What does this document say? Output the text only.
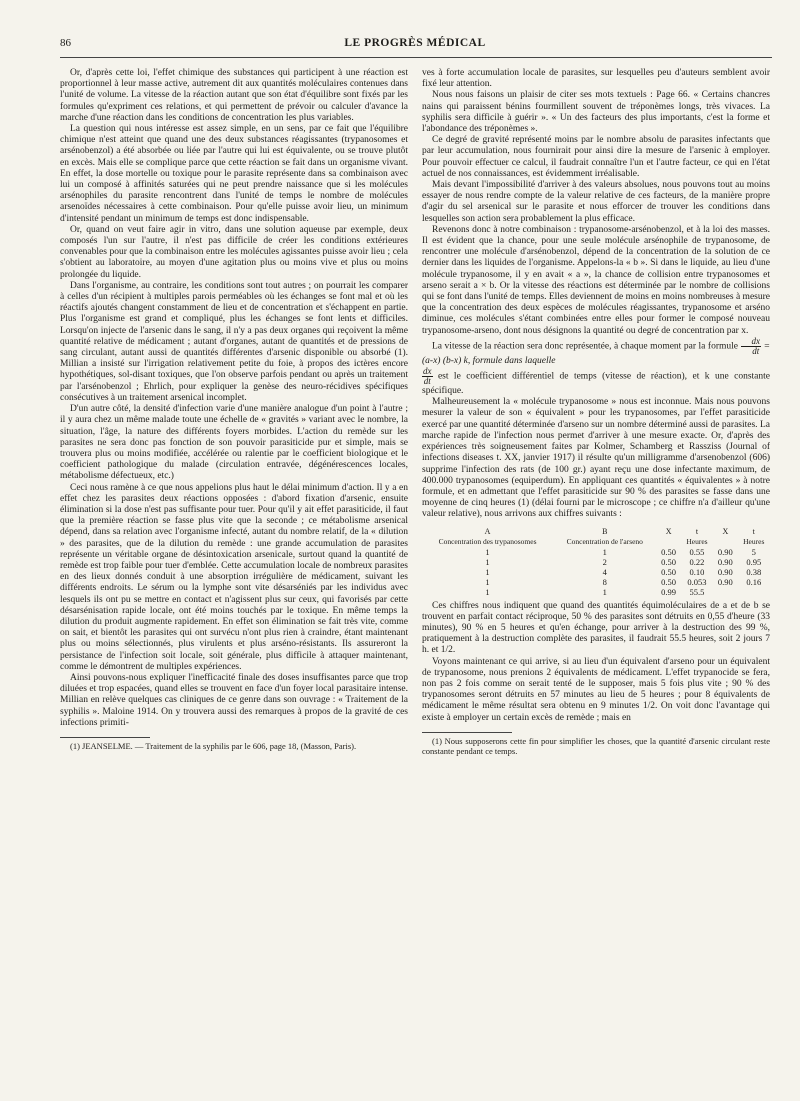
86	LE PROGRÈS MÉDICAL

Or, d'après cette loi, l'effet chimique des substances qui participent à une réaction est proportionnel à leur masse active, autrement dit aux quantités moléculaires contenues dans l'unité de volume. La vitesse de la réaction autant que son état d'équilibre sont fixés par les formules qu'expriment ces relations, et qui permettent de prévoir ou calculer d'avance la marche d'une réaction dans les conditions de concentration les plus variables.

La question qui nous intéresse est assez simple, en un sens, par ce fait que l'équilibre chimique n'est atteint que quand une des deux substances réagissantes (trypanosomes et arsénobenzol) a été absorbée ou liée par l'autre qui lui est équivalente, ou se trouve plutôt en excès. Mais elle se complique parce que cette réaction se fait dans un organisme vivant. En effet, la dose mortelle ou toxique pour le parasite représente dans sa combinaison avec lui un composé à affinités saturées qui ne peut prendre naissance que si les molécules arsénophiles du parasite rencontrent dans l'unité de temps le nombre de molécules arsenoïdes nécessaires à cette combinaison. Pour qu'elle puisse avoir lieu, un minimum d'intensité pendant un minimum de temps est donc indispensable.

Or, quand on veut faire agir in vitro, dans une solution aqueuse par exemple, deux composés l'un sur l'autre, il n'est pas difficile de créer les conditions extérieures convenables pour que la combinaison entre les molécules agissantes puisse avoir lieu ; cela s'obtient au laboratoire, au moyen d'une agitation plus ou moins vive et plus ou moins prolongée du liquide.

Dans l'organisme, au contraire, les conditions sont tout autres ; on pourrait les comparer à celles d'un récipient à multiples parois perméables où les échanges se font mal et où les réactifs ajoutés changent constamment de lieu et de concentration et s'échappent en partie. Plus l'organisme est grand et compliqué, plus les échanges se font lents et difficiles. Lorsqu'on injecte de l'arsenic dans le sang, il n'y a pas deux organes qui reçoivent la même quantité relative de médicament ; autant d'organes, autant de quantités et de pressions de sang circulant, autant aussi de quantités différentes d'arsenic disponible ou absorbé (1). Millian a insisté sur l'irrigation relativement petite du foie, à propos des ictères encore hypothétiques, sol-disant toxiques, que l'on observe parfois pendant ou après un traitement par l'arsénobenzol ; Ehrlich, pour expliquer la genèse des neuro-récidives spécifiques consécutives à un traitement arsenical incomplet.

D'un autre côté, la densité d'infection varie d'une manière analogue d'un point à l'autre ; il y aura chez un même malade toute une échelle de « gravités » variant avec le nombre, la situation, l'âge, la nature des différents foyers morbides. L'action du remède sur les parasites ne sera donc pas fonction de son pouvoir parasiticide pur et simple, mais se trouvera plus ou moins modifiée, accélérée ou ralentie par le coefficient biologique et le coefficient pathologique du malade (circulation entravée, dégénérescences locales, métabolisme défectueux, etc.)

Ceci nous ramène à ce que nous appelions plus haut le délai minimum d'action. Il y a en effet chez les parasites deux réactions opposées : d'abord fixation d'arsenic, ensuite élimination si la dose n'est pas suffisante pour tuer. Pour qu'il y ait effet parasiticide, il faut que la première réaction se fasse plus vite que la seconde ; ce métabolisme arsenical dépend, dans sa relation avec l'organisme infecté, autant du nombre relatif, de la « dilution » des parasites, que de la dilution du remède : une grande accumulation de parasites représente un véritable organe de désintoxication arsenicale, surtout quand la quantité de remède est trop faible pour tuer d'emblée. Cette accumulation locale de nombreux parasites en des lieux donnés conduit à une absorption irrégulière de médicament, suivant les différents endroits. Le sérum ou la lymphe sont vite désarséniés par les individus avec lesquels ils ont pu se mettre en contact et n'agissent plus sur ceux, qui favorisés par cette désarsénisation rapide locale, ont été moins touchés par le toxique. En même temps la dilution du produit augmente rapidement. En effet son élimination se fait très vite, comme on sait, et bientôt les parasites qui ont survécu n'ont plus rien à craindre, étant maintenant plus ou moins sélectionnés, plus virulents et plus arséno-résistants. Ils assureront la persistance de l'infection soit locale, soit générale, plus difficile à attaquer maintenant, comme le démontrent de multiples expériences.

Ainsi pouvons-nous expliquer l'inefficacité finale des doses insuffisantes parce que trop diluées et trop espacées, quand elles se trouvent en face d'un foyer local parasitaire intense. Millian en relève quelques cas cliniques de ce genre dans son ouvrage : « Traitement de la syphilis ». Maloine 1914. On y trouvera aussi des remarques à propos de la gravité de ces infections primiti-

(1) JEANSELME. — Traitement de la syphilis par le 606, page 18, (Masson, Paris).

ves à forte accumulation locale de parasites, sur lesquelles peu d'auteurs semblent avoir fixé leur attention.

Nous nous faisons un plaisir de citer ses mots textuels : Page 66. « Certains chancres nains qui paraissent bénins fourmillent souvent de tréponèmes longs, très vivaces. La syphilis sera difficile à guérir ». « Un des facteurs des plus importants, c'est la forme et l'abondance des tréponèmes ».

Ce degré de gravité représenté moins par le nombre absolu de parasites infectants que par leur accumulation, nous fournirait pour ainsi dire la mesure de l'arsenic à employer. Pour pouvoir effectuer ce calcul, il faudrait connaître l'un et l'autre facteur, ce qui en l'état actuel de nos connaissances, est évidemment irréalisable.

Mais devant l'impossibilité d'arriver à des valeurs absolues, nous pouvons tout au moins essayer de nous rendre compte de la valeur relative de ces facteurs, de la manière propre d'agir du sel arsenical sur le parasite et nous efforcer de trouver les conditions dans lesquelles son action sera probablement la plus efficace.

Revenons donc à notre combinaison : trypanosome-arsénobenzol, et à la loi des masses. Il est évident que la chance, pour une seule molécule arsénophile de trypanosome, de rencontrer une molécule d'arsénobenzol, dépend de la concentration de la solution de ce dernier dans les liquides de l'organisme. Appelons-la « b ». Si dans le liquide, au lieu d'une molécule trypanosome, il y en avait « a », la chance de collision entre trypanosomes et arseno serait a × b. Or la vitesse des réactions est déterminée par le nombre de collisions qui se font dans l'unité de temps. Elles deviennent de moins en moins nombreuses à mesure que la concentration des deux espèces de molécules réagissantes, trypanosome et arséno diminue, ces molécules s'étant combinées entre elles pour former le composé nouveau trypanosome-arseno, dont nous désignons la quantité ou degré de concentration par x.

La vitesse de la réaction sera donc représentée, à chaque moment par la formule $\frac{dx}{dt} = (a-x)$ (b-x) k, formule dans laquelle

$\frac{dx}{dt}$ est le coefficient différentiel de temps (vitesse de réaction), et k une constante spécifique.

Malheureusement la « molécule trypanosome » nous est inconnue. Mais nous pouvons mesurer la valeur de son « équivalent » pour les trypanosomes, par l'effet parasiticide exercé par une quantité déterminée d'arseno sur un nombre déterminé aussi de parasites. La marche rapide de l'infection nous permet d'arriver à une mesure exacte. Or, d'après des expériences très soigneusement faites par Kolmer, Schamberg et Rassziss (Journal of infections diseases t. XX, janvier 1917) il résulte qu'un milligramme d'arsenobenzol (606) supprime l'infection des rats (de 100 gr.) ayant reçu une dose infectante maximum, de 400.000 trypanosomes (equiperdum). En appliquant ces quantités « équivalentes » à notre formule, et en admettant que l'effet parasiticide sur 90 % des parasites se fasse dans une moyenne de cinq heures (1) (délai fourni par le microscope ; ce chiffre n'a d'ailleur qu'une valeur relative), nous arrivons aux chiffres suivants :

A	B	X	t	X	t
Concentration des trypanosomes	Concentration de l'arseno		Heures		Heures
1	1	0.50	0.55	0.90	5
1	2	0.50	0.22	0.90	0.95
1	4	0.50	0.10	0.90	0.38
1	8	0.50	0.053	0.90	0.16
1	1	0.99	55.5		

Ces chiffres nous indiquent que quand des quantités équimoléculaires de a et de b se trouvent en parfait contact réciproque, 50 % des parasites sont détruits en 0,55 d'heure (33 minutes), 90 % en 5 heures et qu'en échange, pour arriver à la destruction des 99 %, pratiquement à la destruction complète des parasites, il faudrait 55.5 heures, soit 2 jours 7 h. et 1/2.

Voyons maintenant ce qui arrive, si au lieu d'un équivalent d'arseno pour un équivalent de trypanosome, nous prenions 2 équivalents de médicament. L'effet trypanocide se fera, non pas 2 fois comme on serait tenté de le supposer, mais 5 fois plus vite ; 90 % des trypanosomes seront détruits en 57 minutes au lieu de 5 heures ; pour 8 équivalents de médicament le même résultat sera obtenu en 9 minutes 1/2. On voit donc l'avantage qui existe à employer un certain excès de remède ; mais en

(1) Nous supposerons cette fin pour simplifier les choses, que la quantité d'arsenic circulant reste constante pendant ce temps.
